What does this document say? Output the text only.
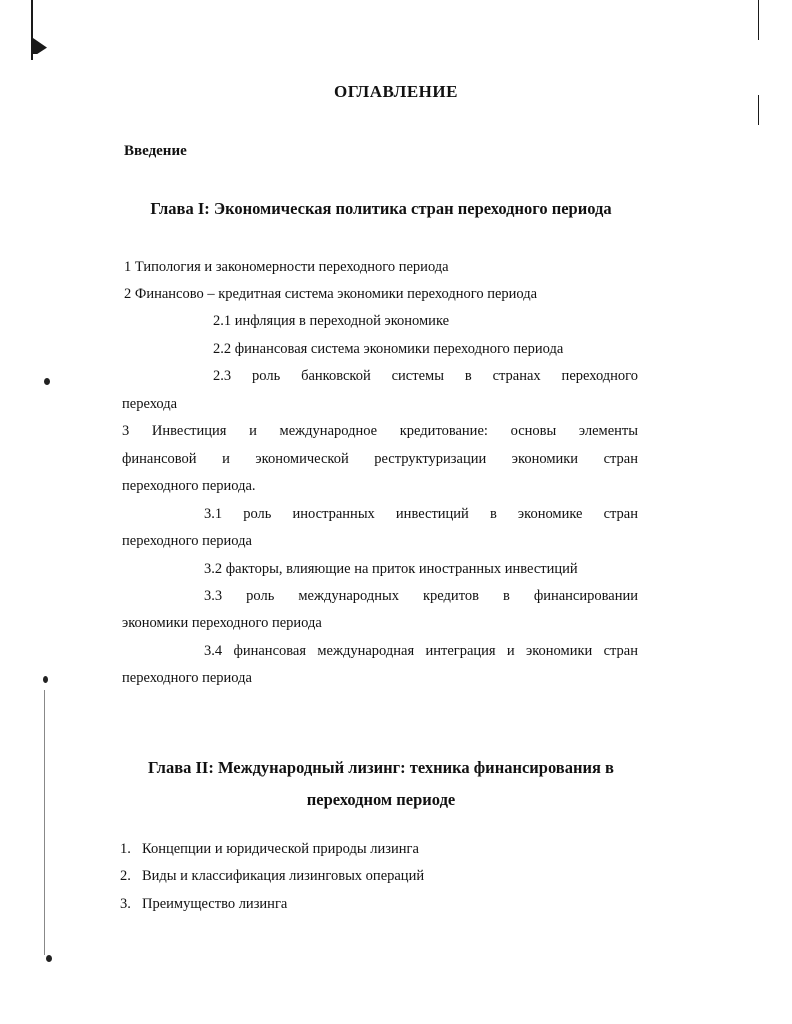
ОГЛАВЛЕНИЕ
Введение
Глава I: Экономическая политика стран переходного периода
1 Типология и закономерности переходного периода
2 Финансово – кредитная система экономики переходного периода
2.1 инфляция в переходной экономике
2.2 финансовая система экономики переходного периода
2.3 роль банковской системы в странах переходного
перехода
3 Инвестиция и международное кредитование: основы элементы
финансовой и экономической реструктуризации экономики стран
переходного периода.
3.1 роль иностранных инвестиций в экономике стран
переходного периода
3.2 факторы, влияющие на приток иностранных инвестиций
3.3 роль международных кредитов в финансировании
экономики переходного периода
3.4 финансовая международная интеграция и экономики стран
переходного периода
Глава II: Международный лизинг: техника финансирования в переходном периоде
1. Концепции и юридической природы лизинга
2. Виды и классификация лизинговых операций
3. Преимущество лизинга
